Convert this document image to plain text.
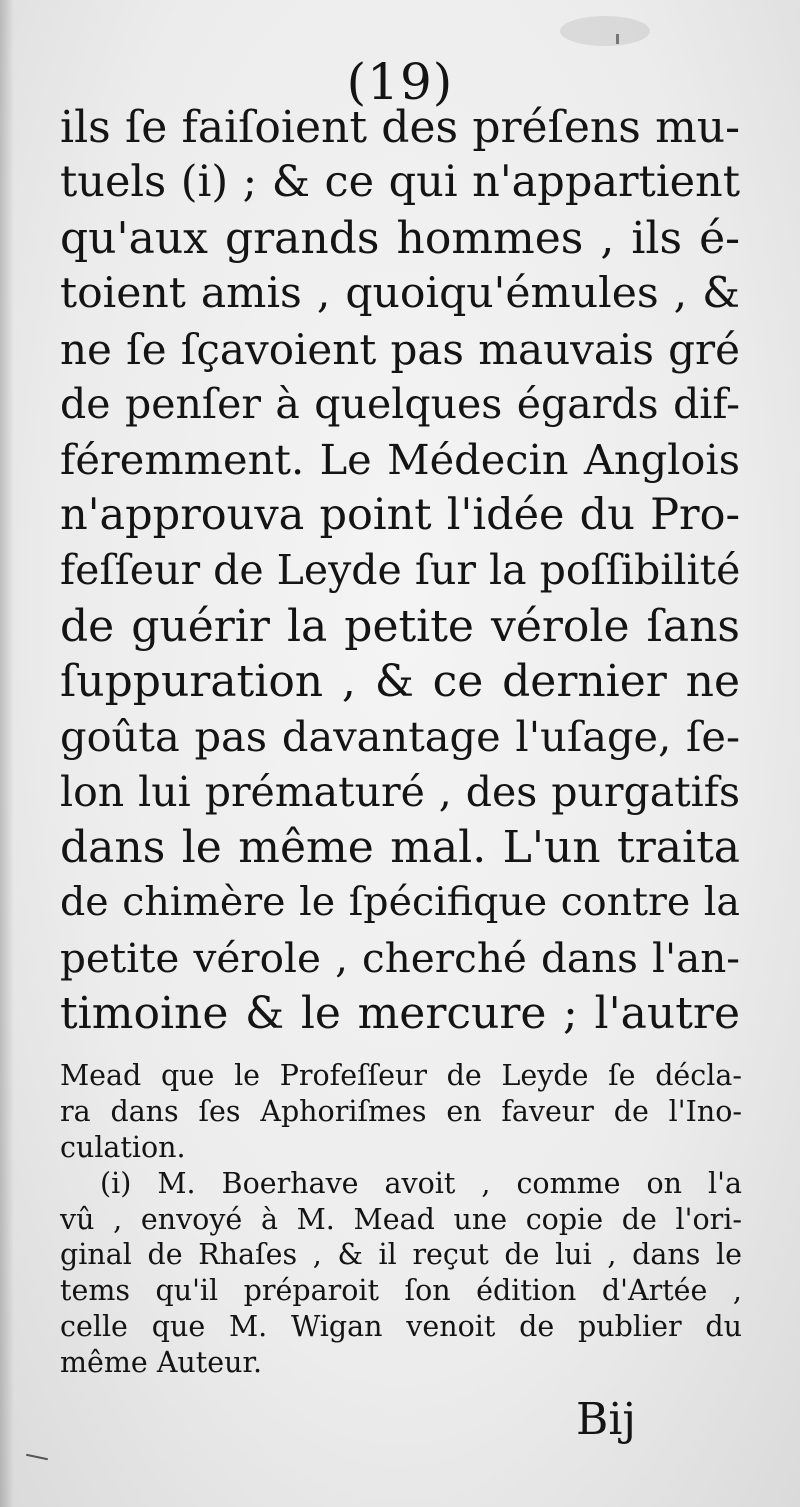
(19)
ils ſe faiſoient des préſens mu-
tuels (i) ; & ce qui n'appartient
qu'aux grands hommes , ils é-
toient amis , quoiqu'émules , &
ne ſe ſçavoient pas mauvais gré
de penſer à quelques égards dif-
féremment. Le Médecin Anglois
n'approuva point l'idée du Pro-
feſſeur de Leyde ſur la poſſibilité
de guérir la petite vérole ſans
ſuppuration , & ce dernier ne
goûta pas davantage l'uſage, ſe-
lon lui prématuré , des purgatifs
dans le même mal. L'un traita
de chimère le ſpécifique contre la
petite vérole , cherché dans l'an-
timoine & le mercure ; l'autre
Mead que le Profeſſeur de Leyde ſe décla-
ra dans ſes Aphoriſmes en faveur de l'Ino-
culation.
(i) M. Boerhave avoit , comme on l'a
vû , envoyé à M. Mead une copie de l'ori-
ginal de Rhaſes , & il reçut de lui , dans le
tems qu'il préparoit ſon édition d'Artée ,
celle que M. Wigan venoit de publier du
même Auteur.
Bij
